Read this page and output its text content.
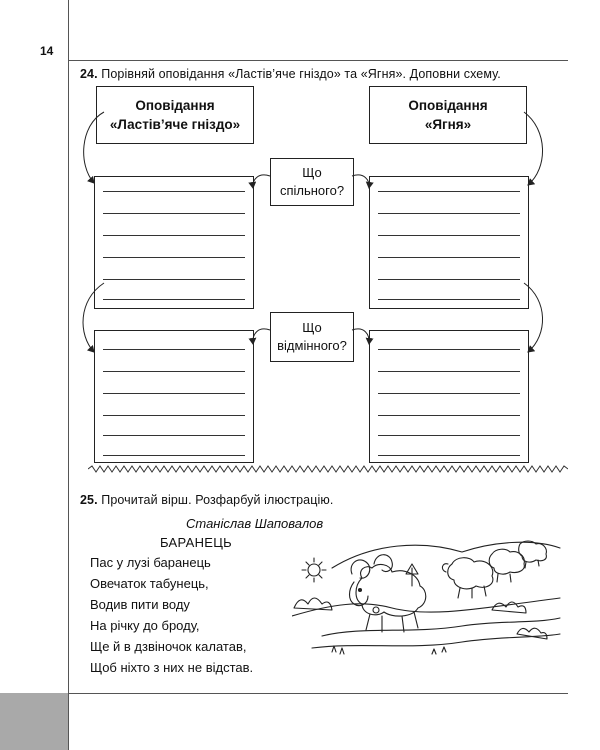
14
24. Порівняй оповідання «Ластів’яче гніздо» та «Ягня». Доповни схему.
Оповідання
«Ластів’яче гніздо»
Оповідання
«Ягня»
Що
спільного?
Що
відмінного?
25. Прочитай вірш. Розфарбуй ілюстрацію.
Станіслав Шаповалов
БАРАНЕЦЬ
Пас у лузі баранець
Овечаток табунець,
Водив пити воду
На річку до броду,
Ще й в дзвіночок калатав,
Щоб ніхто з них не відстав.
